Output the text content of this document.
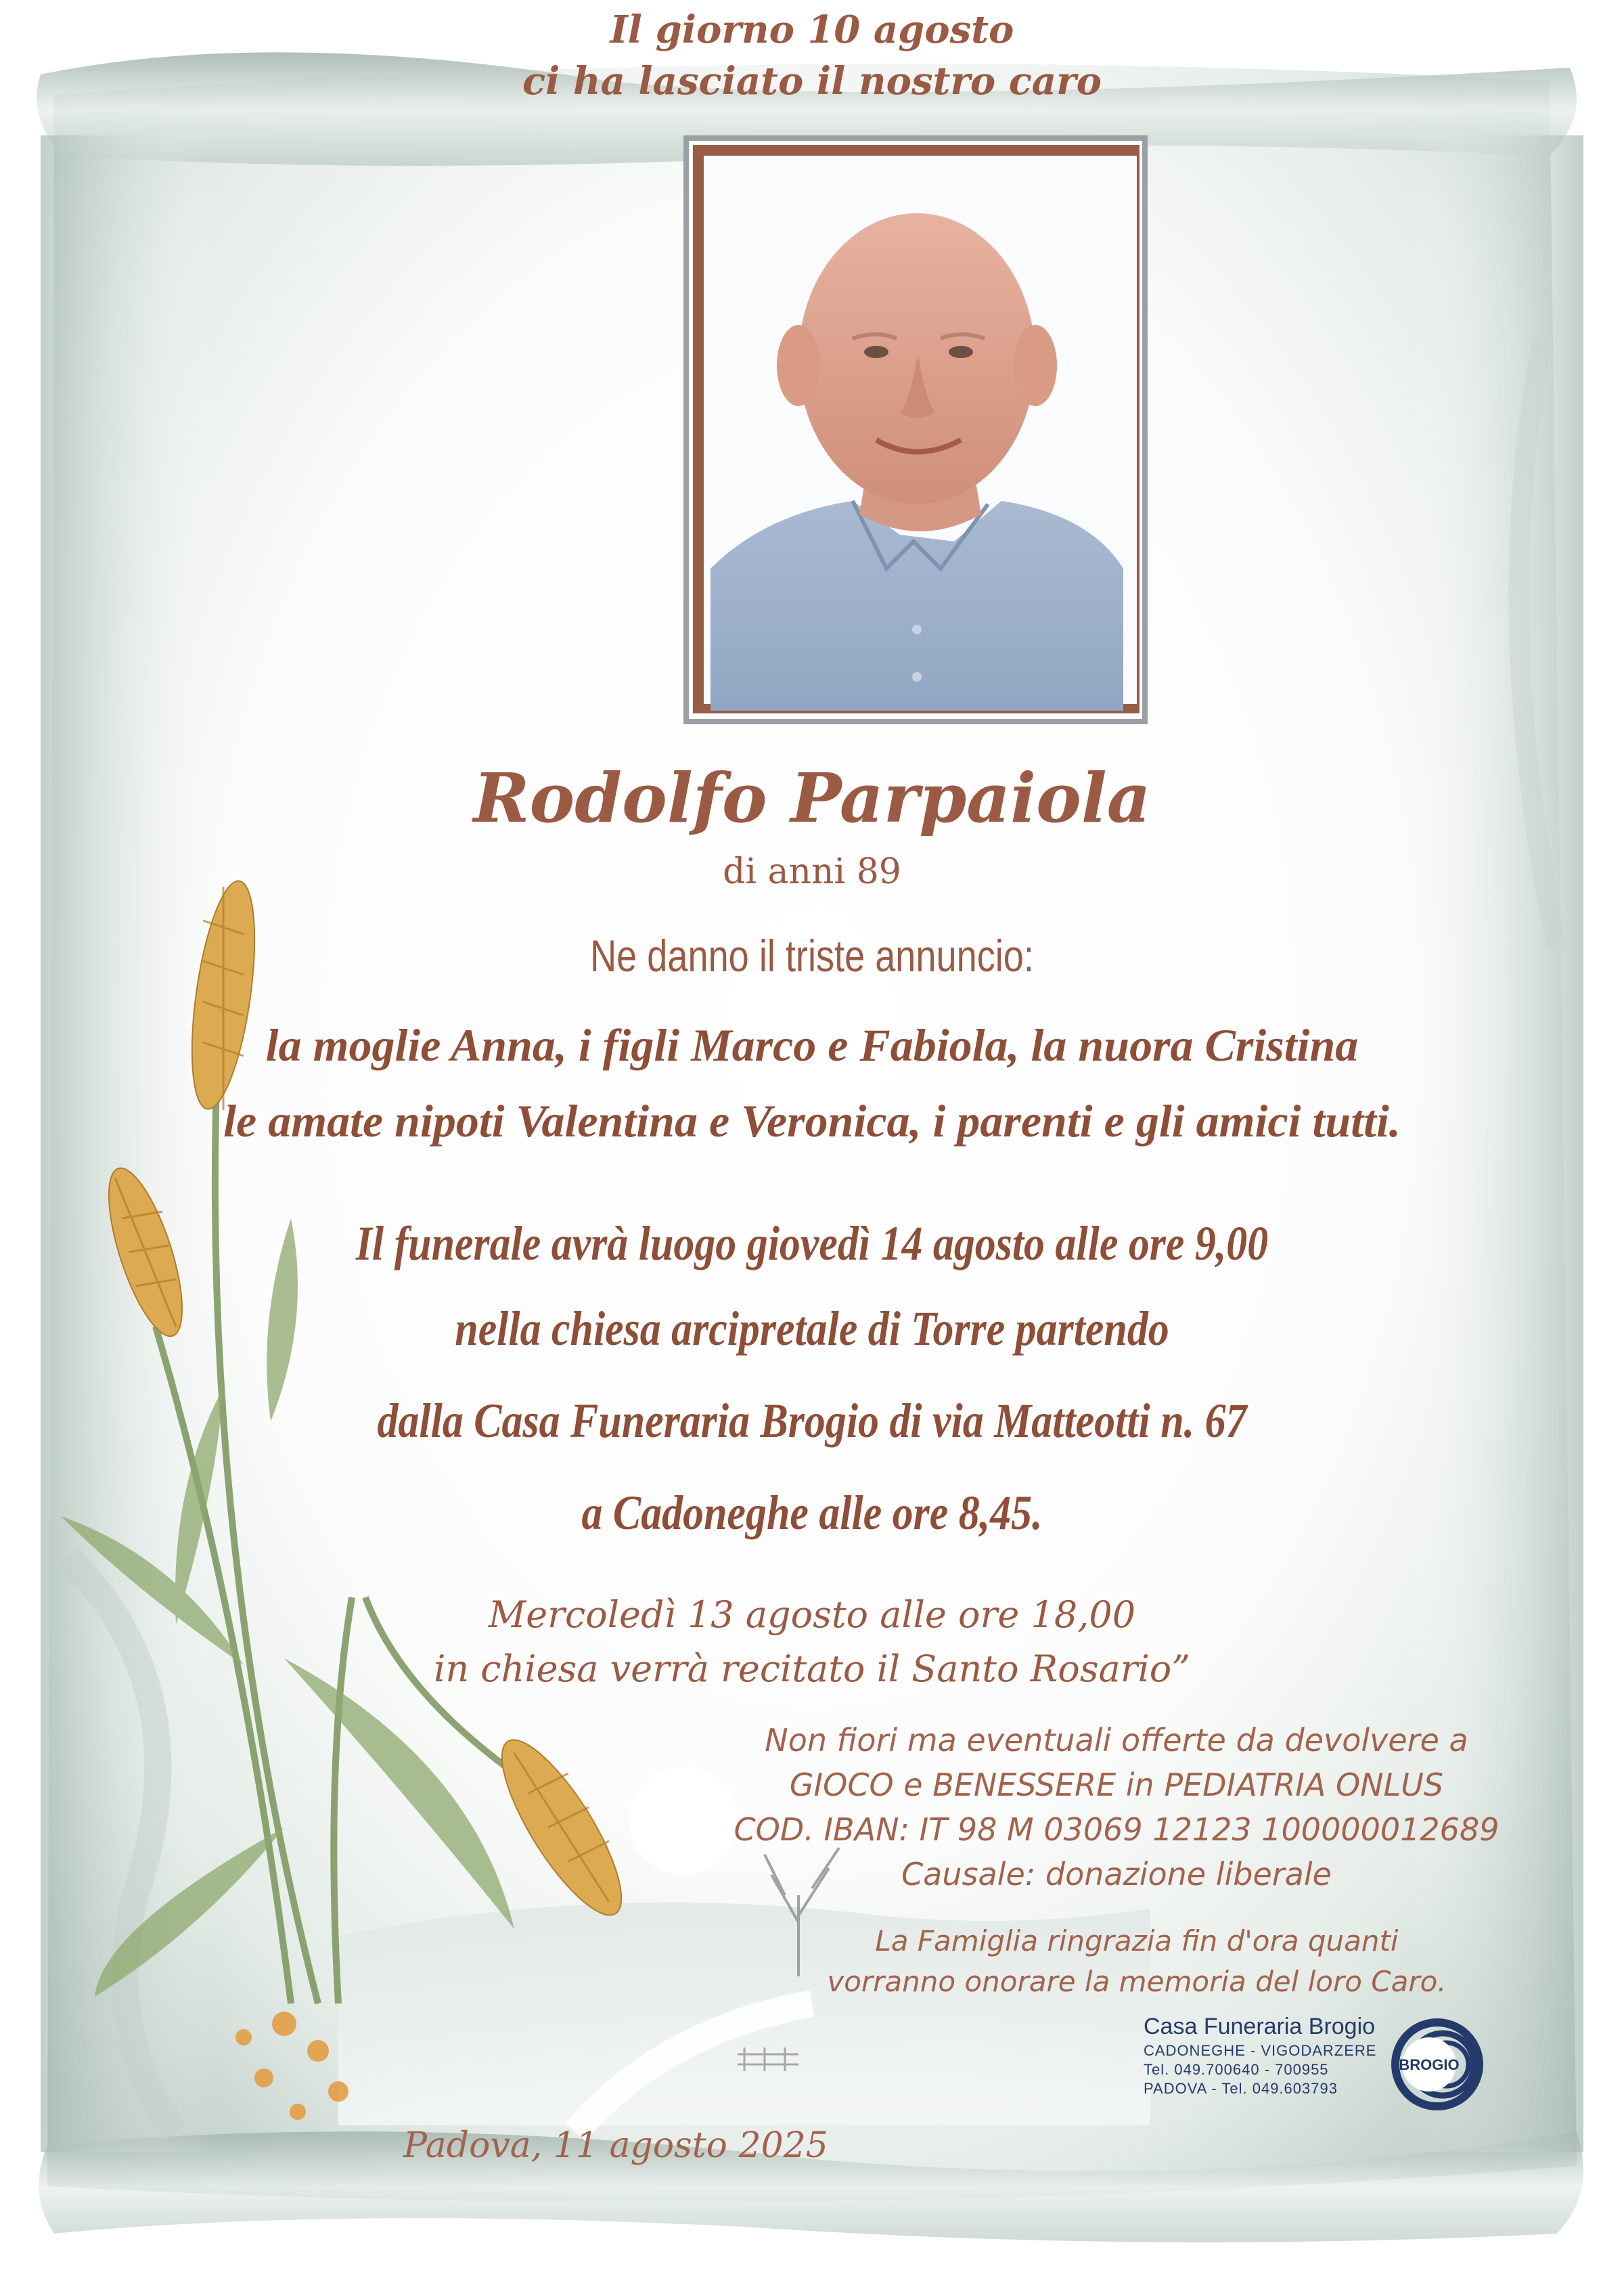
Il giorno 10 agosto
ci ha lasciato il nostro caro
Rodolfo Parpaiola
di anni 89
Ne danno il triste annuncio:
la moglie Anna, i figli Marco e Fabiola, la nuora Cristina
le amate nipoti Valentina e Veronica, i parenti e gli amici tutti.
Il funerale avrà luogo giovedì 14 agosto alle ore 9,00
nella chiesa arcipretale di Torre partendo
dalla Casa Funeraria Brogio di via Matteotti n. 67
a Cadoneghe alle ore 8,45.
Mercoledì 13 agosto alle ore 18,00
in chiesa verrà recitato il Santo Rosario”
Non fiori ma eventuali offerte da devolvere a
GIOCO e BENESSERE in PEDIATRIA ONLUS
COD. IBAN: IT 98 M 03069 12123 100000012689
Causale: donazione liberale
La Famiglia ringrazia fin d'ora quanti
vorranno onorare la memoria del loro Caro.
Casa Funeraria Brogio
CADONEGHE - VIGODARZERE
Tel. 049.700640 - 700955
PADOVA - Tel. 049.603793
BROGIO
Padova, 11 agosto 2025
